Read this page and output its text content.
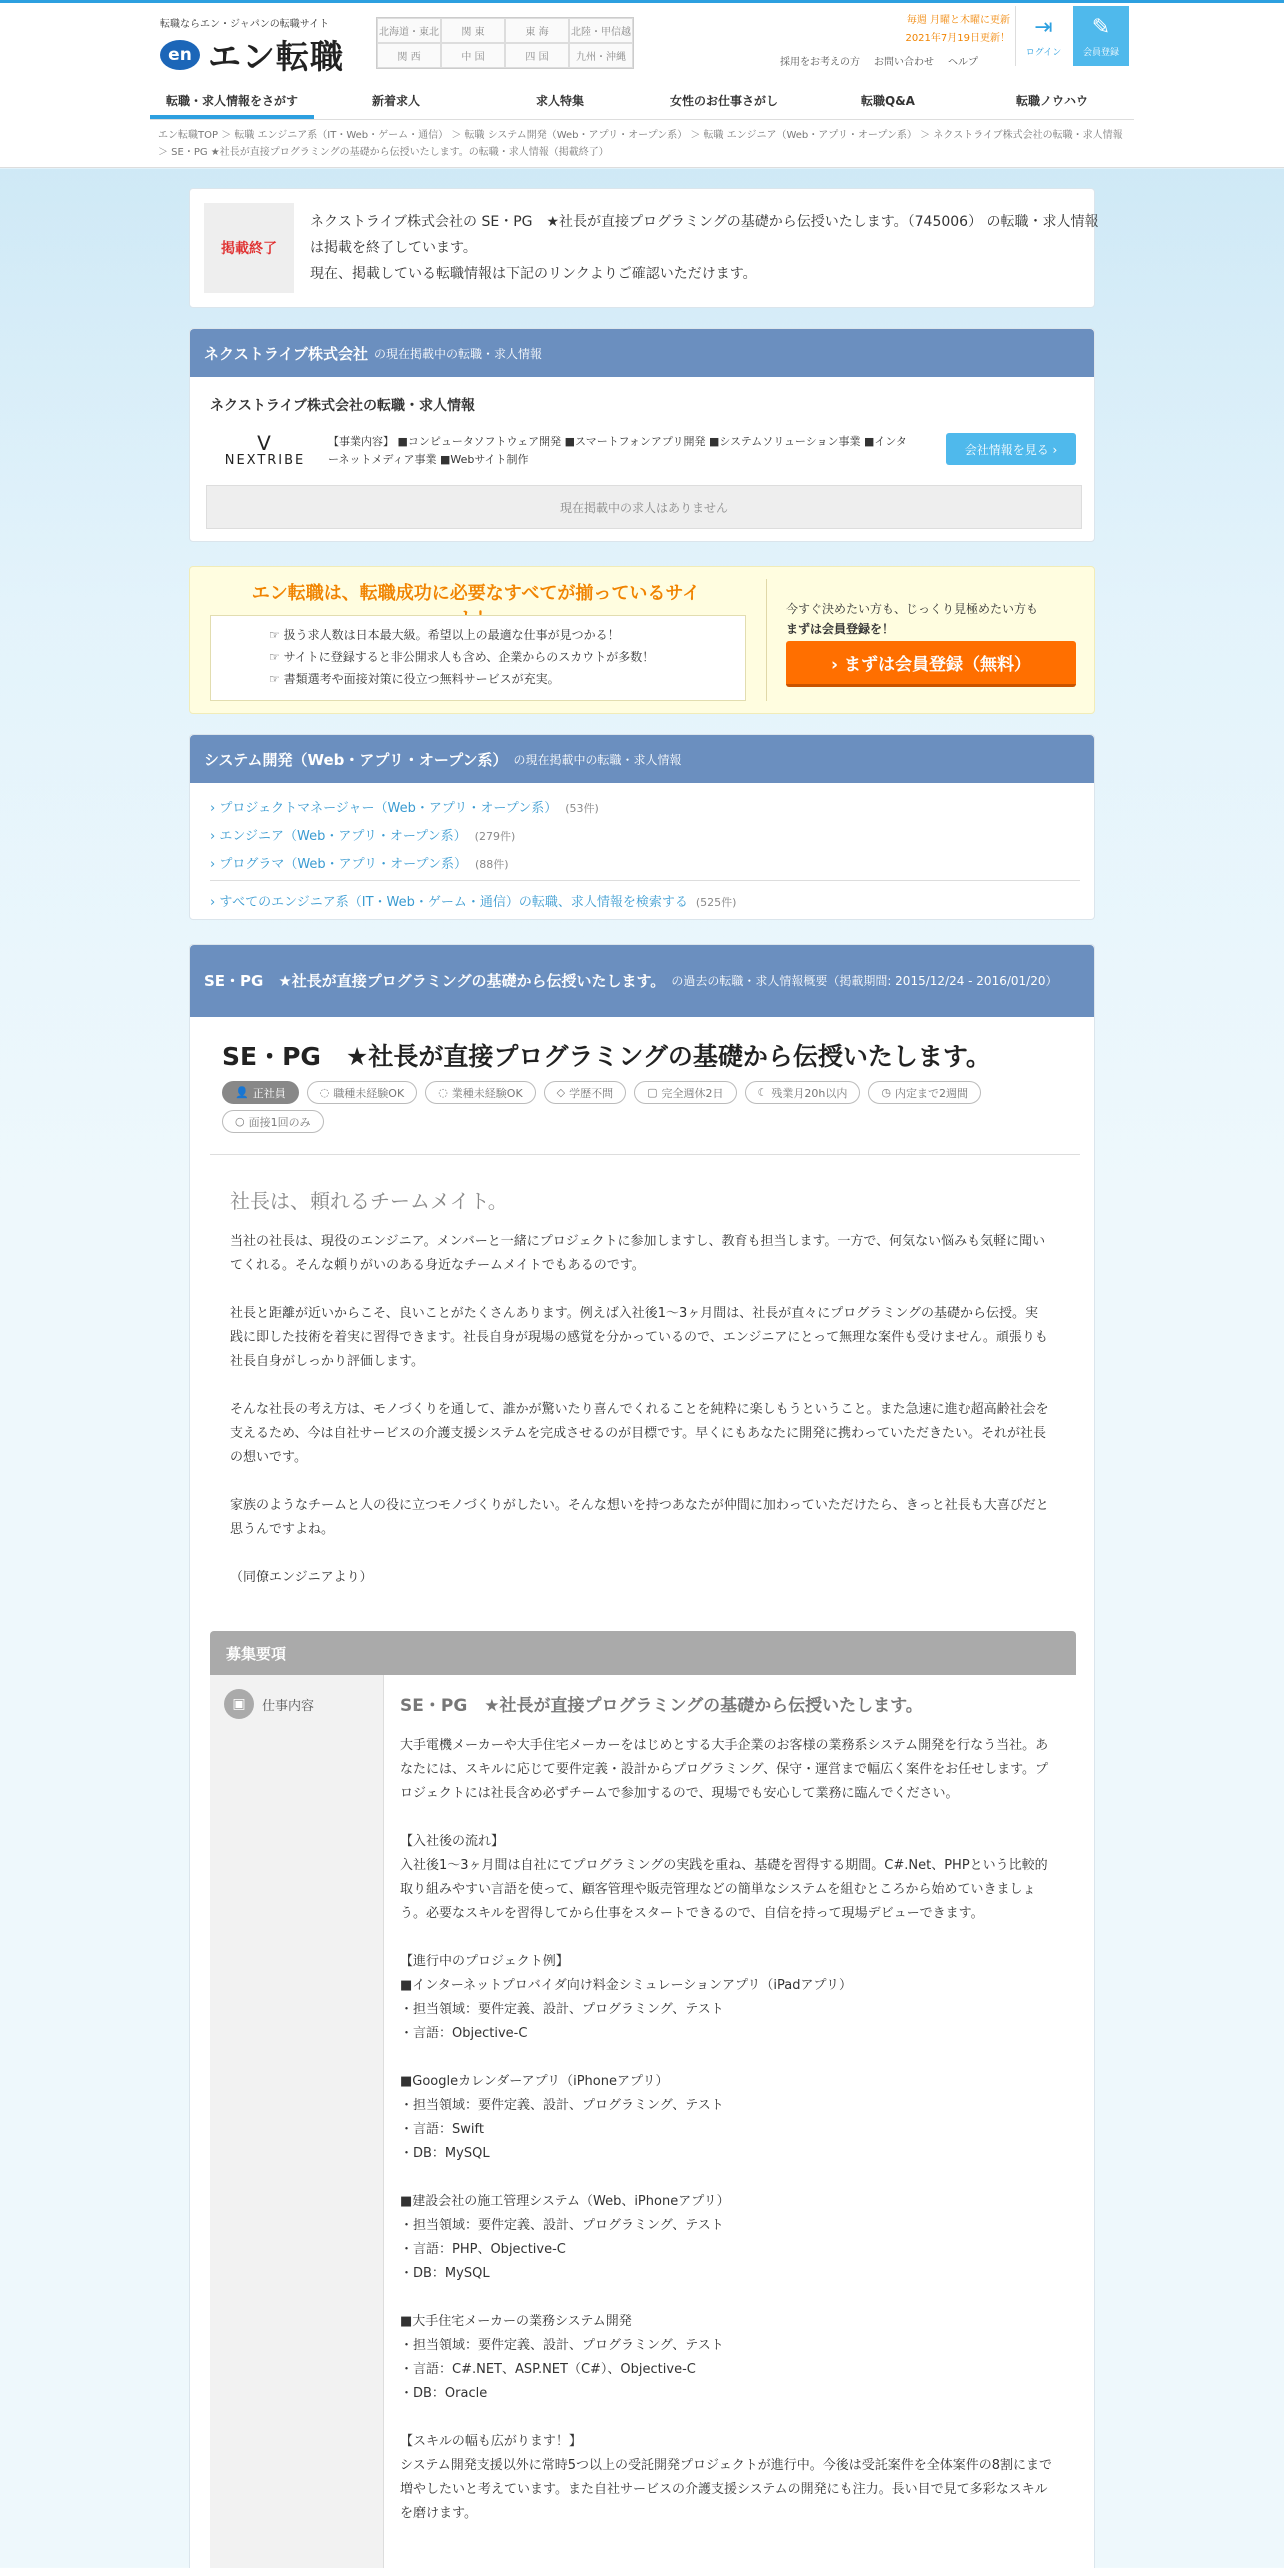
転職ならエン・ジャパンの転職サイト
en エン転職
北海道・東北	関 東	東 海	北陸・甲信越
関 西	中 国	四 国	九州・沖縄
毎週 月曜と木曜に更新
2021年7月19日更新！
採用をお考えの方 お問い合わせ ヘルプ
⇥
ログイン
✎
会員登録
転職・求人情報をさがす	新着求人	求人特集	女性のお仕事さがし	転職Q&A	転職ノウハウ

エン転職TOP ＞ 転職 エンジニア系（IT・Web・ゲーム・通信） ＞ 転職 システム開発（Web・アプリ・オープン系） ＞ 転職 エンジニア（Web・アプリ・オープン系） ＞ ネクストライブ株式会社の転職・求人情報 ＞ SE・PG ★社長が直接プログラミングの基礎から伝授いたします。の転職・求人情報（掲載終了）

掲載終了
ネクストライブ株式会社の SE・PG　★社長が直接プログラミングの基礎から伝授いたします。（745006） の転職・求人情報は掲載を終了しています。
現在、掲載している転職情報は下記のリンクよりご確認いただけます。
ネクストライブ株式会社 の現在掲載中の転職・求人情報
ネクストライブ株式会社の転職・求人情報
ᐯ
NEXTRIBE
【事業内容】 ■コンピュータソフトウェア開発 ■スマートフォンアプリ開発 ■システムソリューション事業 ■インターネットメディア事業 ■Webサイト制作
会社情報を見る ›
現在掲載中の求人はありません
エン転職は、転職成功に必要なすべてが揃っているサイ
☞ 扱う求人数は日本最大級。希望以上の最適な仕事が見つかる！
☞ サイトに登録すると非公開求人も含め、企業からのスカウトが多数！
☞ 書類選考や面接対策に役立つ無料サービスが充実。
今すぐ決めたい方も、じっくり見極めたい方も
まずは会員登録を！
› まずは会員登録（無料）
システム開発（Web・アプリ・オープン系） の現在掲載中の転職・求人情報
› プロジェクトマネージャー（Web・アプリ・オープン系） (53件)
› エンジニア（Web・アプリ・オープン系） (279件)
› プログラマ（Web・アプリ・オープン系） (88件)
› すべてのエンジニア系（IT・Web・ゲーム・通信）の転職、求人情報を検索する (525件)
SE・PG　★社長が直接プログラミングの基礎から伝授いたします。 の過去の転職・求人情報概要（掲載期間: 2015/12/24 - 2016/01/20）
SE・PG　★社長が直接プログラミングの基礎から伝授いたします。
👤 正社員	◌ 職種未経験OK	◌ 業種未経験OK	◇ 学歴不問	▢ 完全週休2日	☾ 残業月20h以内	◷ 内定まで2週間
○ 面接1回のみ
社長は、頼れるチームメイト。

当社の社長は、現役のエンジニア。メンバーと一緒にプロジェクトに参加しますし、教育も担当します。一方で、何気ない悩みも気軽に聞いてくれる。そんな頼りがいのある身近なチームメイトでもあるのです。

社長と距離が近いからこそ、良いことがたくさんあります。例えば入社後1～3ヶ月間は、社長が直々にプログラミングの基礎から伝授。実践に即した技術を着実に習得できます。社長自身が現場の感覚を分かっているので、エンジニアにとって無理な案件も受けません。頑張りも社長自身がしっかり評価します。

そんな社長の考え方は、モノづくりを通して、誰かが驚いたり喜んでくれることを純粋に楽しもうということ。また急速に進む超高齢社会を支えるため、今は自社サービスの介護支援システムを完成させるのが目標です。早くにもあなたに開発に携わっていただきたい。それが社長の想いです。

家族のようなチームと人の役に立つモノづくりがしたい。そんな想いを持つあなたが仲間に加わっていただけたら、きっと社長も大喜びだと思うんですよね。

（同僚エンジニアより）

募集要項
▣	仕事内容	SE・PG　★社長が直接プログラミングの基礎から伝授いたします。
大手電機メーカーや大手住宅メーカーをはじめとする大手企業のお客様の業務系システム開発を行なう当社。あなたには、スキルに応じて要件定義・設計からプログラミング、保守・運営まで幅広く案件をお任せします。プロジェクトには社長含め必ずチームで参加するので、現場でも安心して業務に臨んでください。

【入社後の流れ】
入社後1～3ヶ月間は自社にてプログラミングの実践を重ね、基礎を習得する期間。C#.Net、PHPという比較的取り組みやすい言語を使って、顧客管理や販売管理などの簡単なシステムを組むところから始めていきましょう。必要なスキルを習得してから仕事をスタートできるので、自信を持って現場デビューできます。

【進行中のプロジェクト例】
■インターネットプロバイダ向け料金シミュレーションアプリ（iPadアプリ）
・担当領域：要件定義、設計、プログラミング、テスト
・言語：Objective-C

■Googleカレンダーアプリ（iPhoneアプリ）
・担当領域：要件定義、設計、プログラミング、テスト
・言語：Swift
・DB：MySQL

■建設会社の施工管理システム（Web、iPhoneアプリ）
・担当領域：要件定義、設計、プログラミング、テスト
・言語：PHP、Objective-C
・DB：MySQL

■大手住宅メーカーの業務システム開発
・担当領域：要件定義、設計、プログラミング、テスト
・言語：C#.NET、ASP.NET（C#）、Objective-C
・DB：Oracle

【スキルの幅も広がります！】
システム開発支援以外に常時5つ以上の受託開発プロジェクトが進行中。今後は受託案件を全体案件の8割にまで増やしたいと考えています。また自社サービスの介護支援システムの開発にも注力。長い目で見て多彩なスキルを磨けます。
